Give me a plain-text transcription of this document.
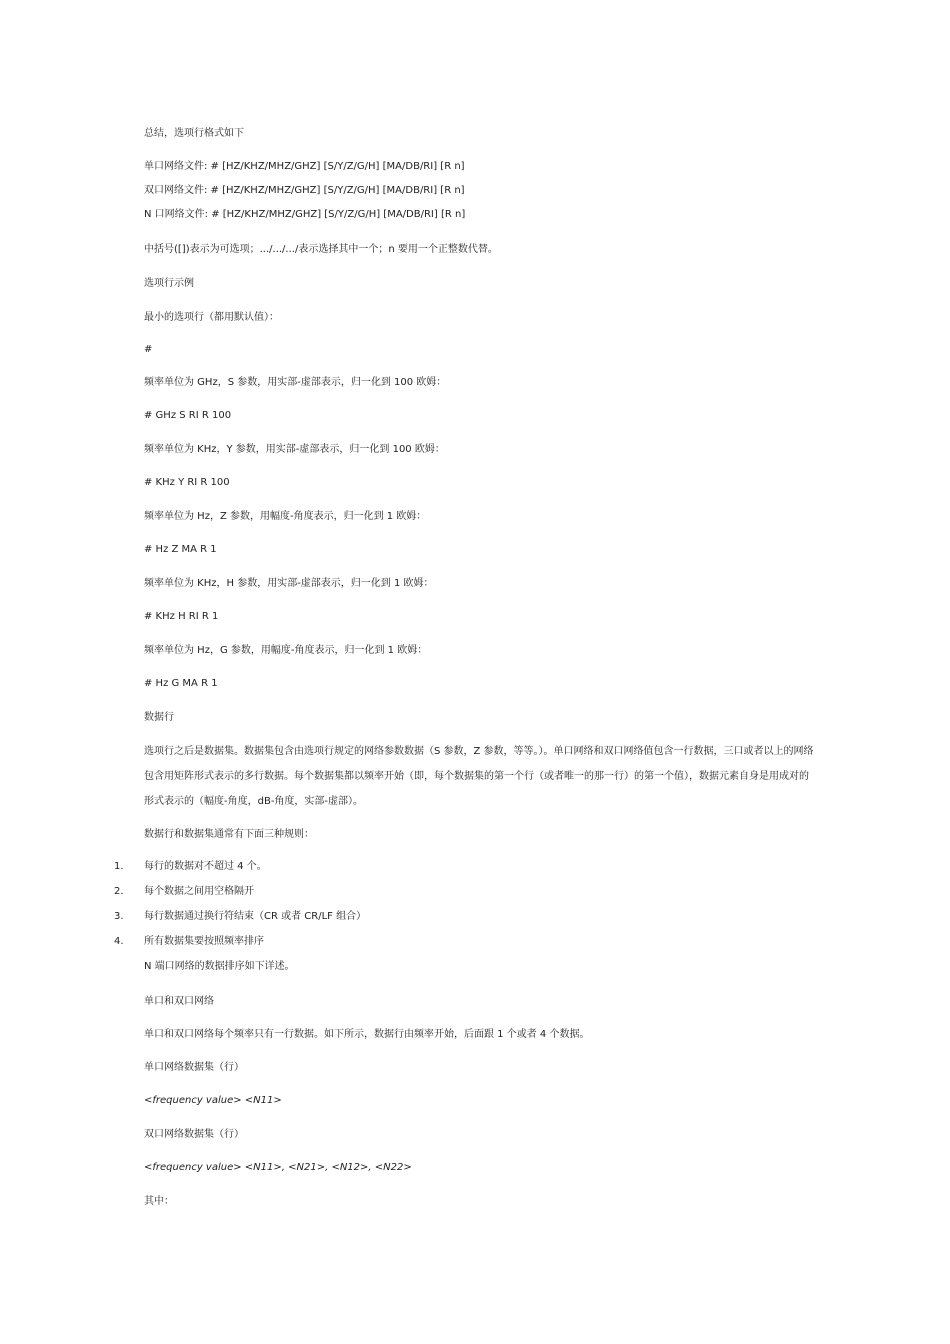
总结，选项行格式如下
单口网络文件: # [HZ/KHZ/MHZ/GHZ] [S/Y/Z/G/H] [MA/DB/RI] [R n]
双口网络文件: # [HZ/KHZ/MHZ/GHZ] [S/Y/Z/G/H] [MA/DB/RI] [R n]
N 口网络文件: # [HZ/KHZ/MHZ/GHZ] [S/Y/Z/G/H] [MA/DB/RI] [R n]
中括号([])表示为可选项；.../.../.../表示选择其中一个；n 要用一个正整数代替。
选项行示例
最小的选项行（都用默认值）：
#
频率单位为 GHz，S 参数，用实部-虚部表示，归一化到 100 欧姆：
# GHz S RI R 100
频率单位为 KHz，Y 参数，用实部-虚部表示，归一化到 100 欧姆：
# KHz Y RI R 100
频率单位为 Hz，Z 参数，用幅度-角度表示，归一化到 1 欧姆：
# Hz Z MA R 1
频率单位为 KHz，H 参数，用实部-虚部表示，归一化到 1 欧姆：
# KHz H RI R 1
频率单位为 Hz，G 参数，用幅度-角度表示，归一化到 1 欧姆：
# Hz G MA R 1
数据行
选项行之后是数据集。数据集包含由选项行规定的网络参数数据（S 参数，Z 参数，等等。）。单口网络和双口网络值包含一行数据，三口或者以上的网络包含用矩阵形式表示的多行数据。每个数据集都以频率开始（即，每个数据集的第一个行（或者唯一的那一行）的第一个值），数据元素自身是用成对的形式表示的（幅度-角度，dB-角度，实部-虚部）。
数据行和数据集通常有下面三种规则：
1. 每行的数据对不超过 4 个。
2. 每个数据之间用空格隔开
3. 每行数据通过换行符结束（CR 或者 CR/LF 组合）
4. 所有数据集要按照频率排序
N 端口网络的数据排序如下详述。
单口和双口网络
单口和双口网络每个频率只有一行数据。如下所示，数据行由频率开始，后面跟 1 个或者 4 个数据。
单口网络数据集（行）
<frequency value> <N11>
双口网络数据集（行）
<frequency value> <N11>, <N21>, <N12>, <N22>
其中：
